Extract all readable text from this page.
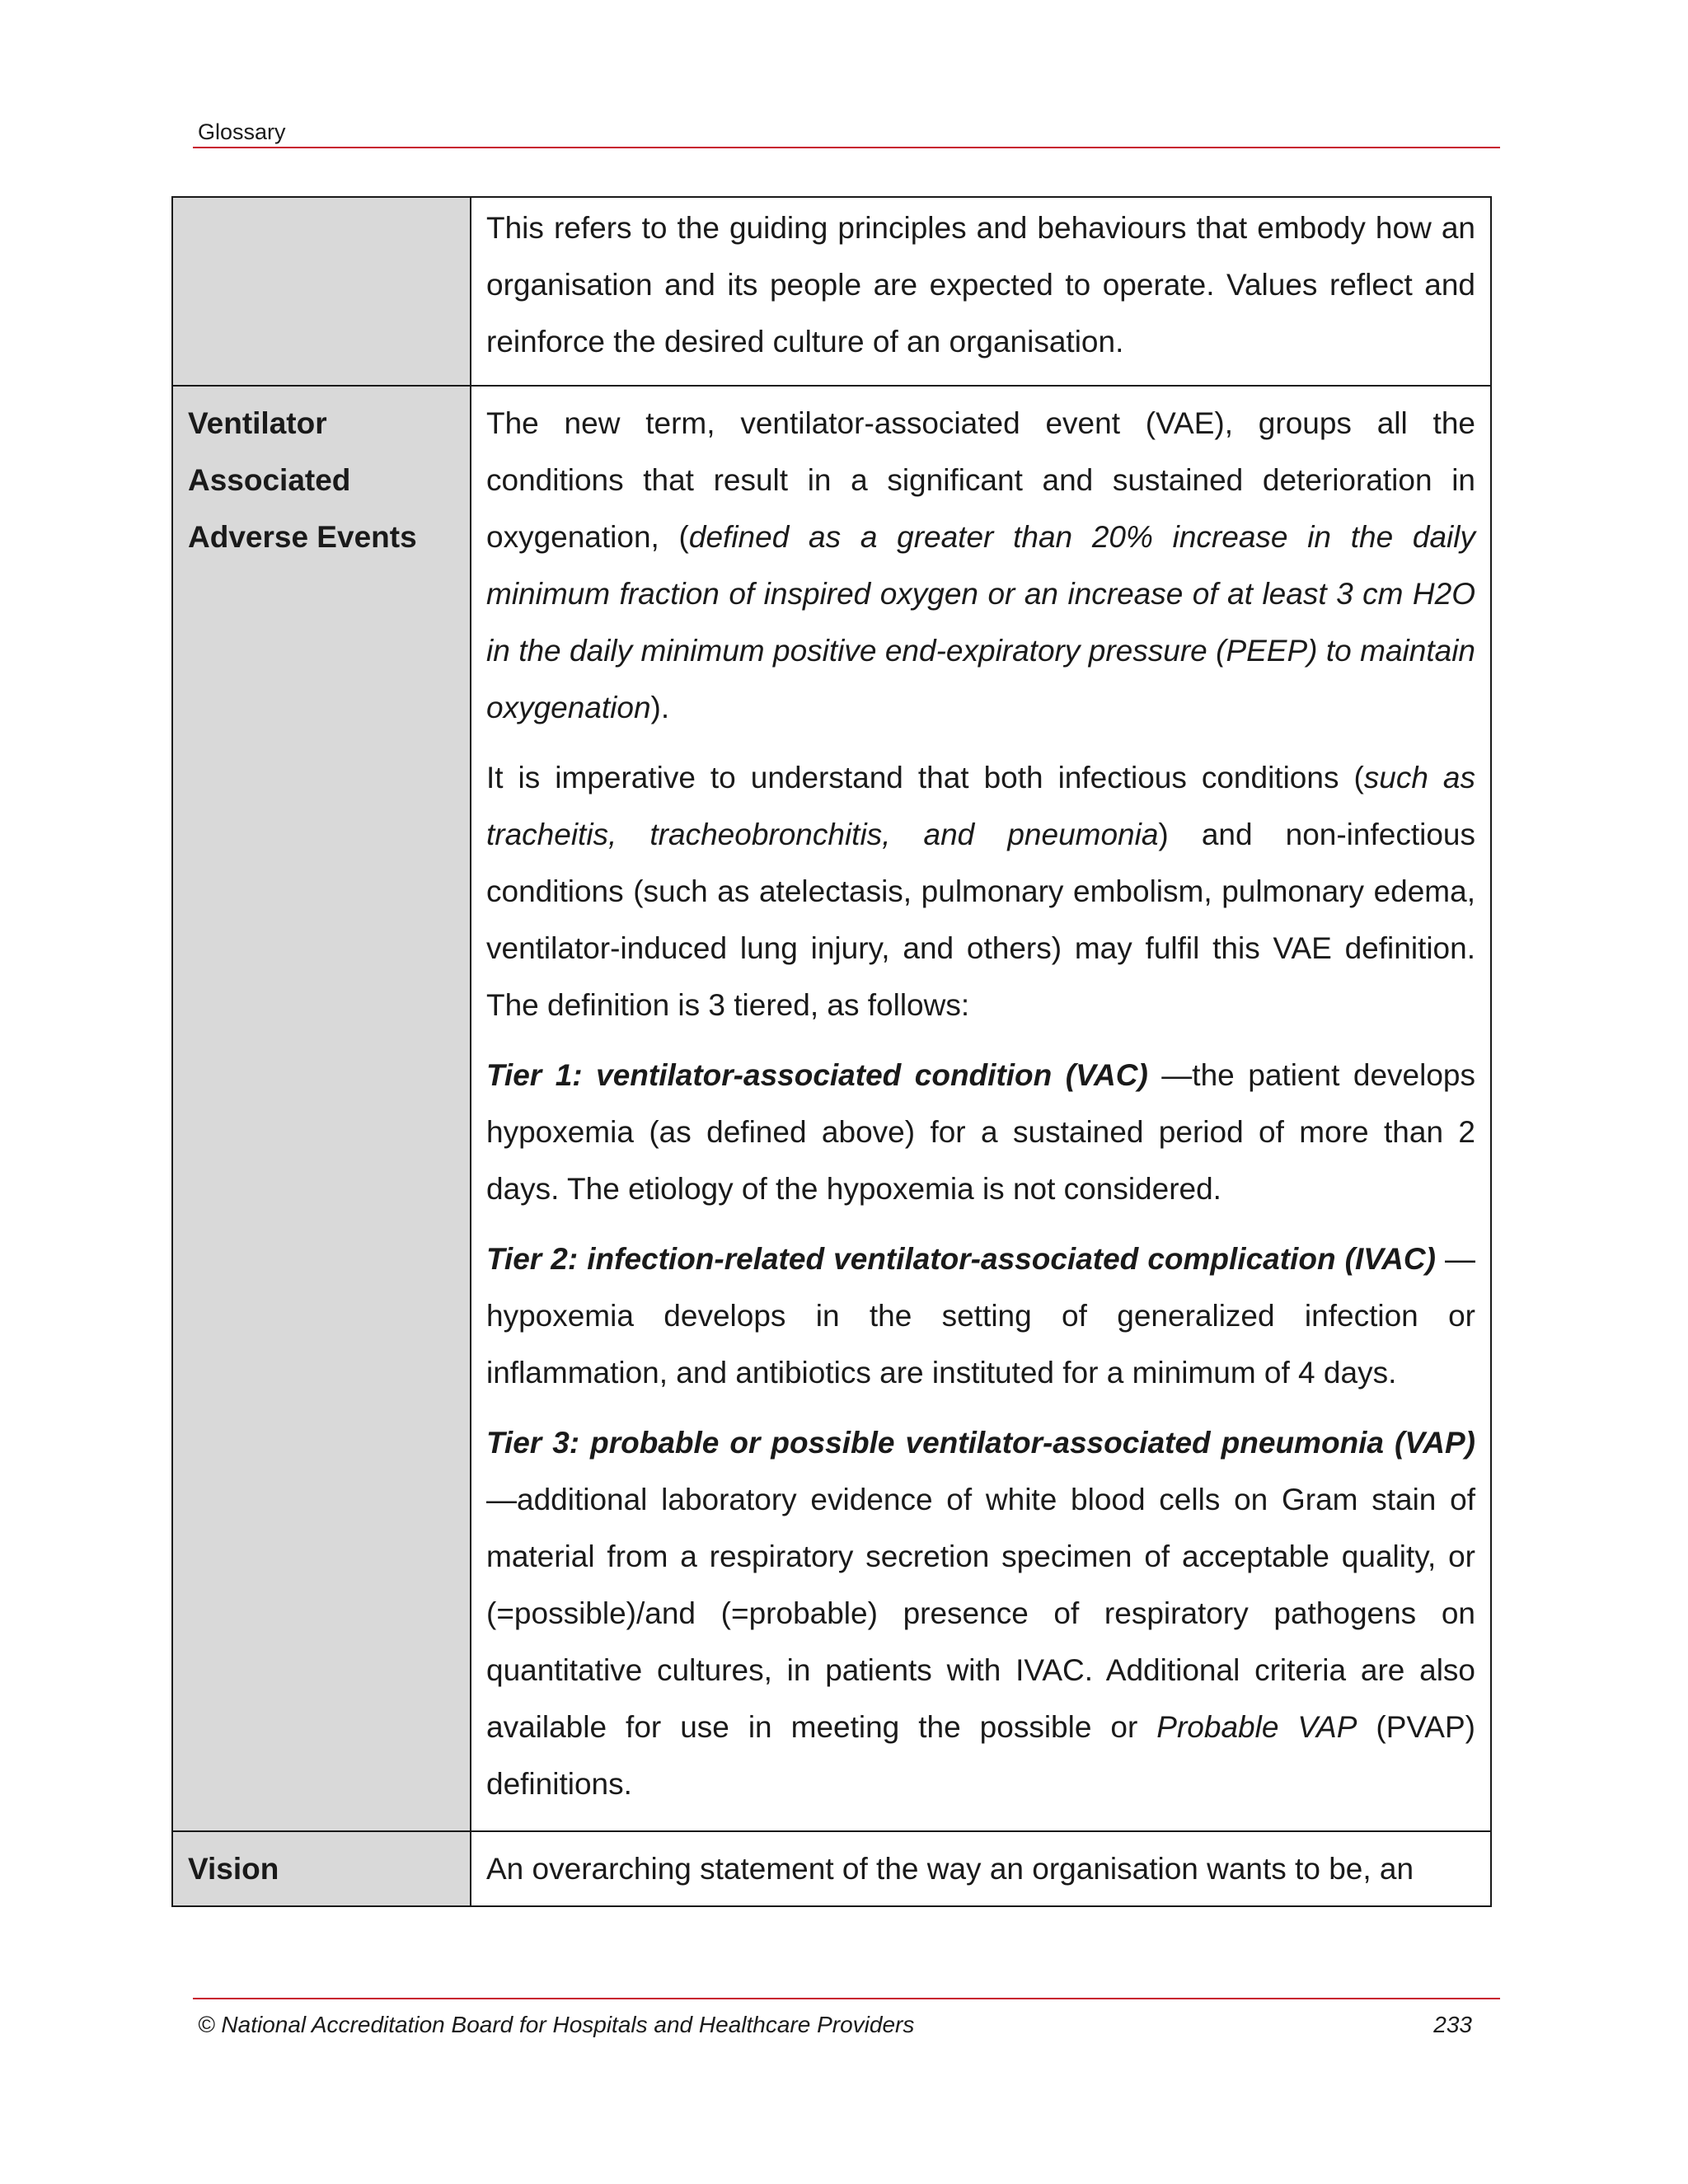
Glossary

	This refers to the guiding principles and behaviours that embody how an organisation and its people are expected to operate. Values reflect and reinforce the desired culture of an organisation.

Ventilator Associated Adverse Events	The new term, ventilator-associated event (VAE), groups all the conditions that result in a significant and sustained deterioration in oxygenation, (defined as a greater than 20% increase in the daily minimum fraction of inspired oxygen or an increase of at least 3 cm H2O in the daily minimum positive end-expiratory pressure (PEEP) to maintain oxygenation).

It is imperative to understand that both infectious conditions (such as tracheitis, tracheobronchitis, and pneumonia) and non-infectious conditions (such as atelectasis, pulmonary embolism, pulmonary edema, ventilator-induced lung injury, and others) may fulfil this VAE definition. The definition is 3 tiered, as follows:

Tier 1: ventilator-associated condition (VAC) —the patient develops hypoxemia (as defined above) for a sustained period of more than 2 days. The etiology of the hypoxemia is not considered.

Tier 2: infection-related ventilator-associated complication (IVAC) —hypoxemia develops in the setting of generalized infection or inflammation, and antibiotics are instituted for a minimum of 4 days.

Tier 3: probable or possible ventilator-associated pneumonia (VAP) —additional laboratory evidence of white blood cells on Gram stain of material from a respiratory secretion specimen of acceptable quality, or (=possible)/and (=probable) presence of respiratory pathogens on quantitative cultures, in patients with IVAC. Additional criteria are also available for use in meeting the possible or Probable VAP (PVAP) definitions.

Vision	An overarching statement of the way an organisation wants to be, an

© National Accreditation Board for Hospitals and Healthcare Providers	233
